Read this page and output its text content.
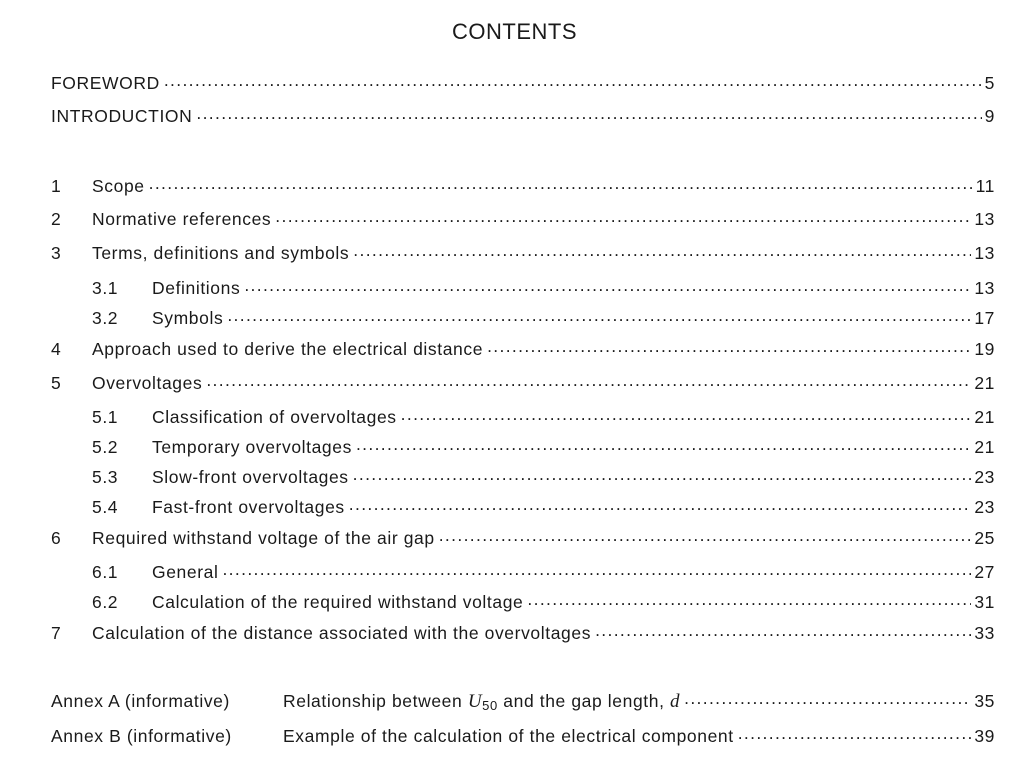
CONTENTS
FOREWORD .....	5
INTRODUCTION .....	9
1	Scope .....	11
2	Normative references .....	13
3	Terms, definitions and symbols .....	13
3.1	Definitions .....	13
3.2	Symbols .....	17
4	Approach used to derive the electrical distance .....	19
5	Overvoltages .....	21
5.1	Classification of overvoltages .....	21
5.2	Temporary overvoltages .....	21
5.3	Slow-front overvoltages .....	23
5.4	Fast-front overvoltages .....	23
6	Required withstand voltage of the air gap .....	25
6.1	General .....	27
6.2	Calculation of the required withstand voltage .....	31
7	Calculation of the distance associated with the overvoltages .....	33
Annex A (informative)	Relationship between $U_{50}$ and the gap length, d .....	35
Annex B (informative)	Example of the calculation of the electrical component .....	39
